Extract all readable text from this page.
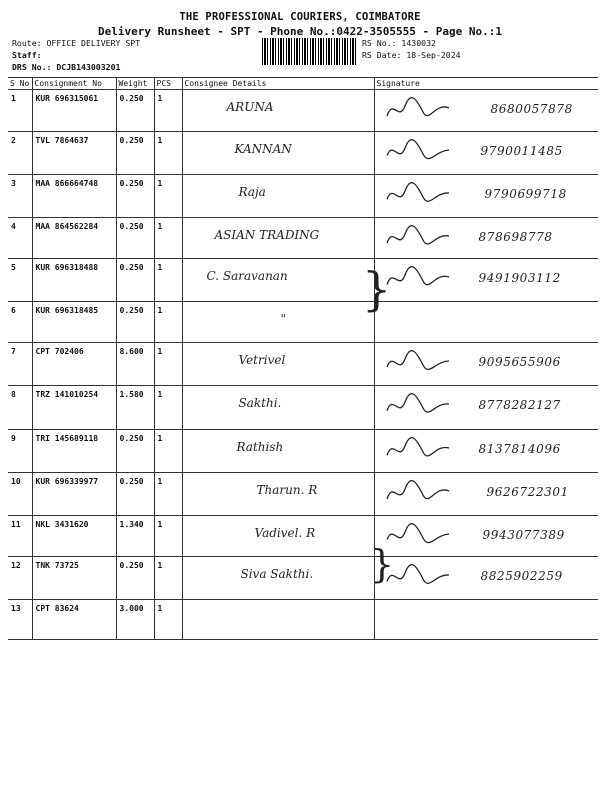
THE PROFESSIONAL COURIERS, COIMBATORE
Delivery Runsheet - SPT - Phone No.:0422-3505555 - Page No.:1
Route: OFFICE DELIVERY SPT
Staff:
DRS No.: DCJB143003201
RS No.: 1430032
RS Date: 18-Sep-2024
S No	Consignment No	Weight	PCS	Consignee Details	Signature
1	KUR 696315061	0.250	1	ARUNA	8680057878

2	TVL 7864637	0.250	1	KANNAN	9790011485

3	MAA 866664748	0.250	1	Raja	9790699718

4	MAA 864562284	0.250	1	ASIAN TRADING	878698778

5	KUR 696318488	0.250	1	C. Saravanan	9491903112

6	KUR 696318485	0.250	1	"	

7	CPT 702406	8.600	1	Vetrivel	9095655906

8	TRZ 141010254	1.580	1	Sakthi.	8778282127

9	TRI 145689118	0.250	1	Rathish	8137814096

10	KUR 696339977	0.250	1	Tharun. R	9626722301

11	NKL 3431620	1.340	1	Vadivel. R	9943077389

12	TNK 73725	0.250	1	Siva Sakthi.	8825902259

13	CPT 83624	3.000	1	

}
}
